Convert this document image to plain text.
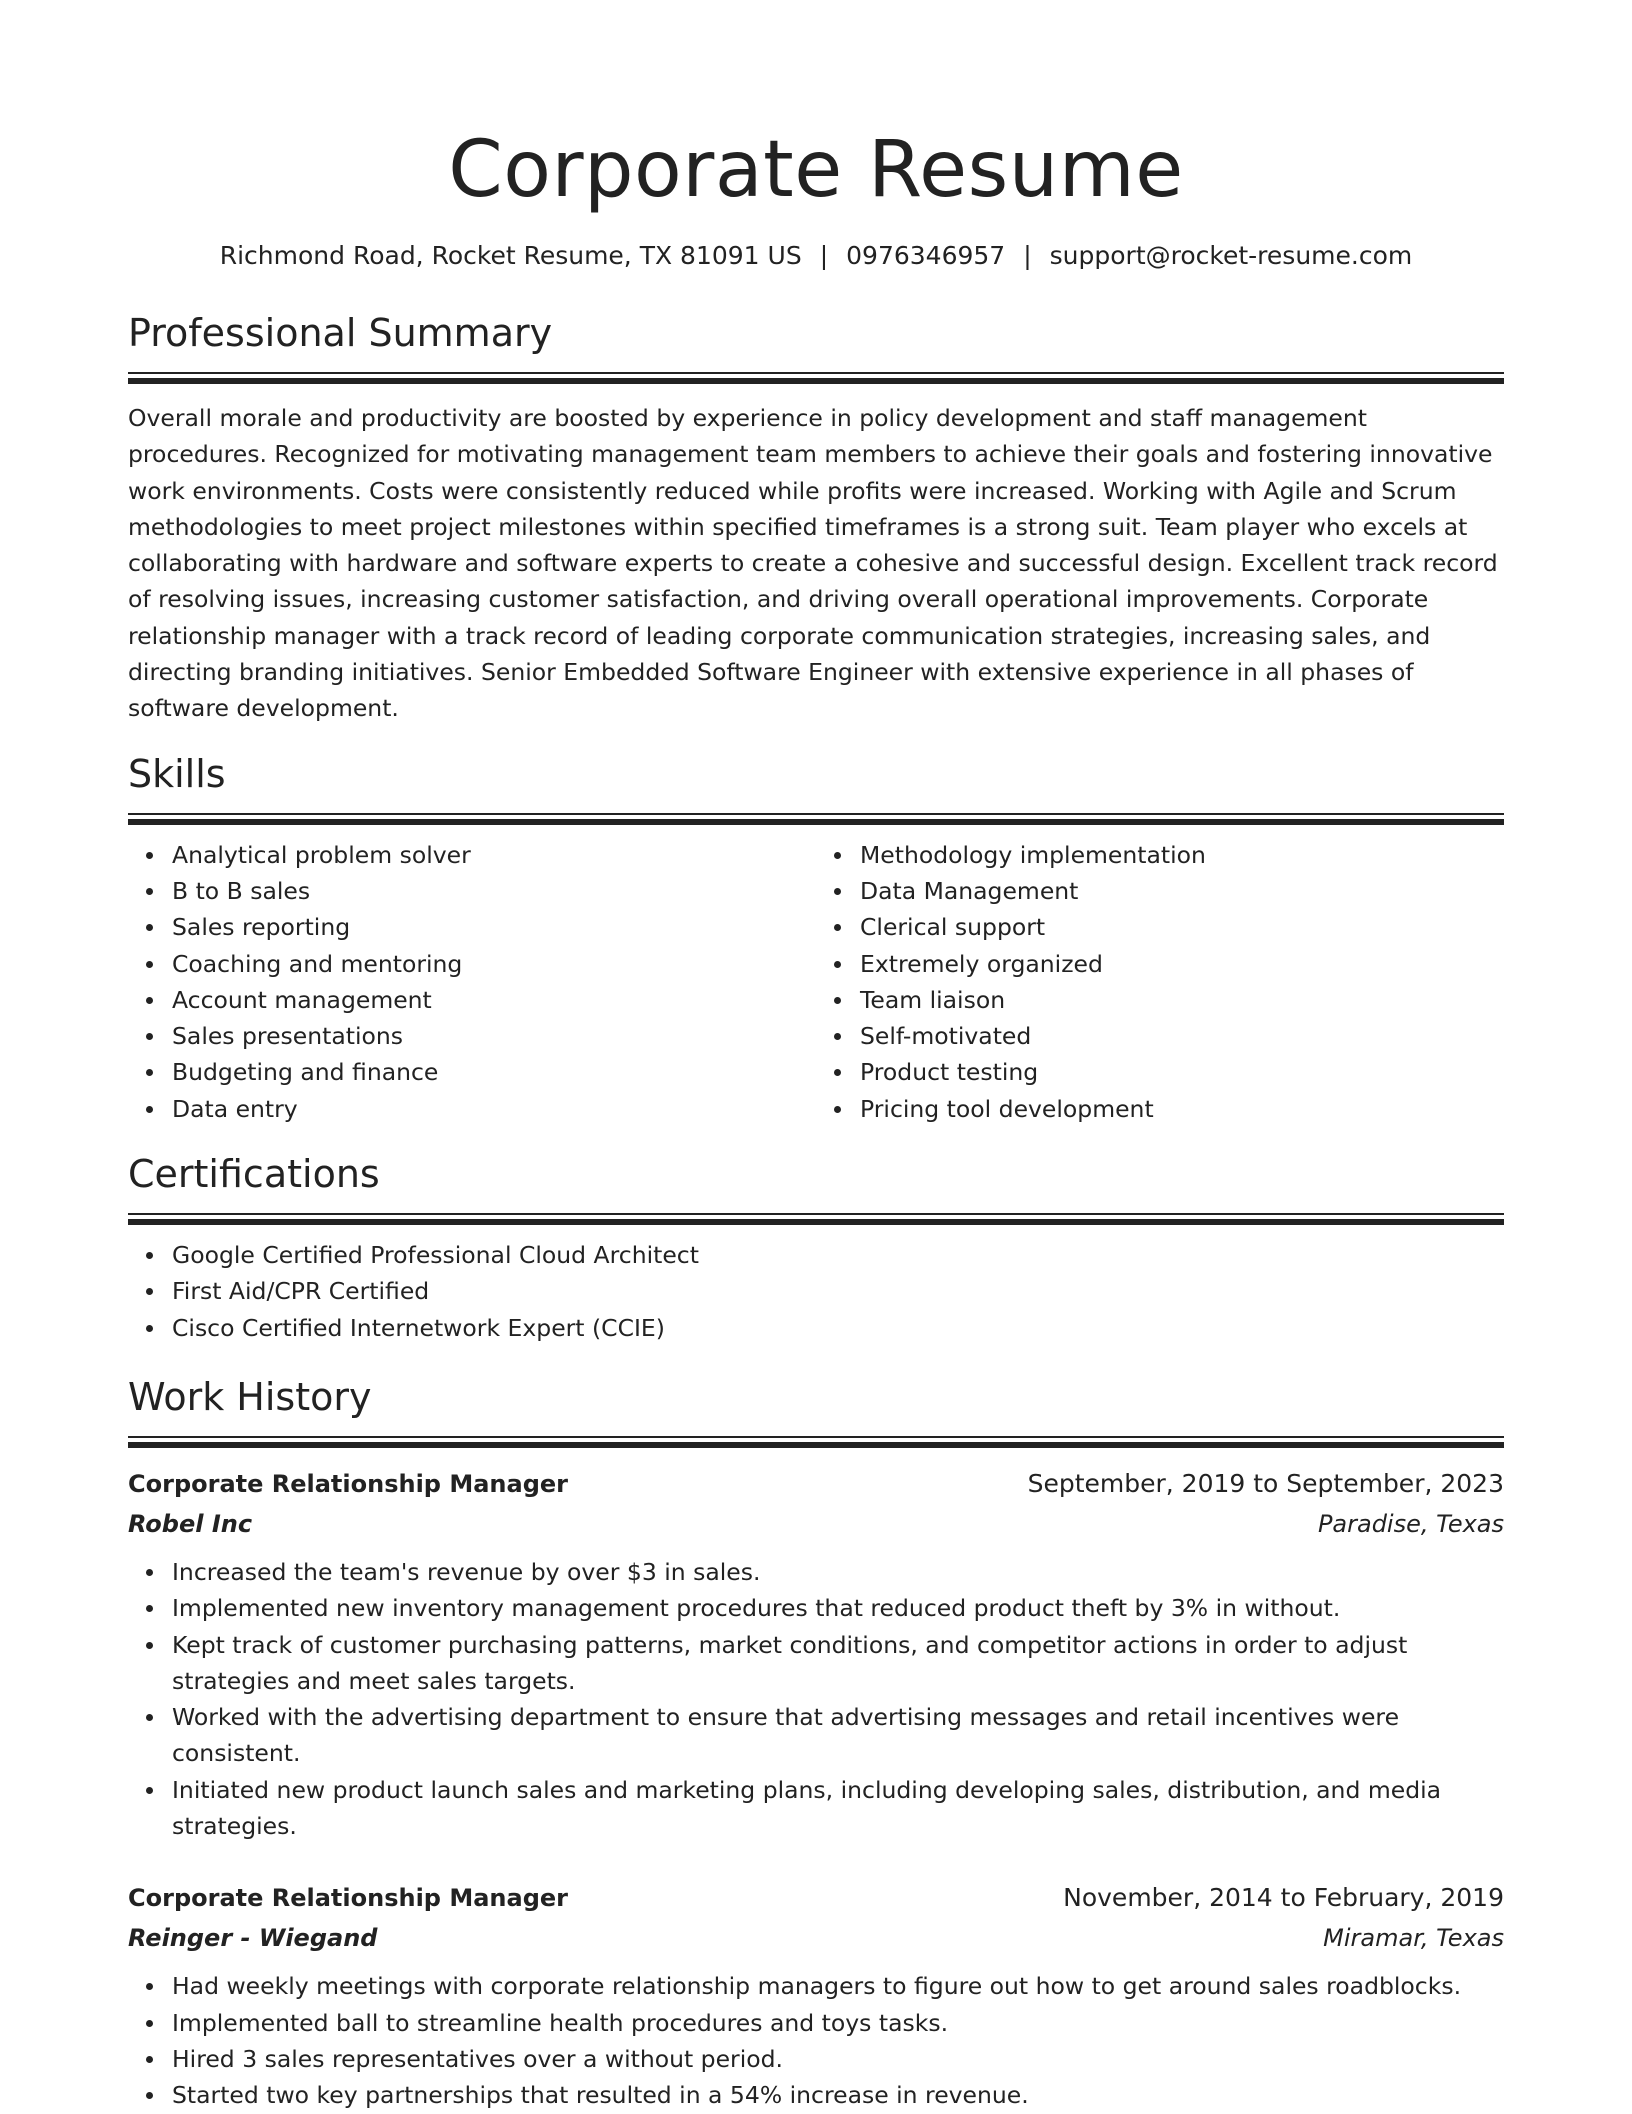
Corporate Resume
Richmond Road, Rocket Resume, TX 81091 US | 0976346957 | support@rocket-resume.com
Professional Summary

Overall morale and productivity are boosted by experience in policy development and staff management procedures. Recognized for motivating management team members to achieve their goals and fostering innovative work environments. Costs were consistently reduced while profits were increased. Working with Agile and Scrum methodologies to meet project milestones within specified timeframes is a strong suit. Team player who excels at collaborating with hardware and software experts to create a cohesive and successful design. Excellent track record of resolving issues, increasing customer satisfaction, and driving overall operational improvements. Corporate relationship manager with a track record of leading corporate communication strategies, increasing sales, and directing branding initiatives. Senior Embedded Software Engineer with extensive experience in all phases of software development.

Skills
Analytical problem solver
B to B sales
Sales reporting
Coaching and mentoring
Account management
Sales presentations
Budgeting and finance
Data entry
Methodology implementation
Data Management
Clerical support
Extremely organized
Team liaison
Self-motivated
Product testing
Pricing tool development
Certifications
Google Certified Professional Cloud Architect
First Aid/CPR Certified
Cisco Certified Internetwork Expert (CCIE)
Work History
Corporate Relationship Manager	September, 2019 to September, 2023
Robel Inc	Paradise, Texas
Increased the team's revenue by over $3 in sales.
Implemented new inventory management procedures that reduced product theft by 3% in without.
Kept track of customer purchasing patterns, market conditions, and competitor actions in order to adjust strategies and meet sales targets.
Worked with the advertising department to ensure that advertising messages and retail incentives were consistent.
Initiated new product launch sales and marketing plans, including developing sales, distribution, and media strategies.
Corporate Relationship Manager	November, 2014 to February, 2019
Reinger - Wiegand	Miramar, Texas
Had weekly meetings with corporate relationship managers to figure out how to get around sales roadblocks.
Implemented ball to streamline health procedures and toys tasks.
Hired 3 sales representatives over a without period.
Started two key partnerships that resulted in a 54% increase in revenue.
